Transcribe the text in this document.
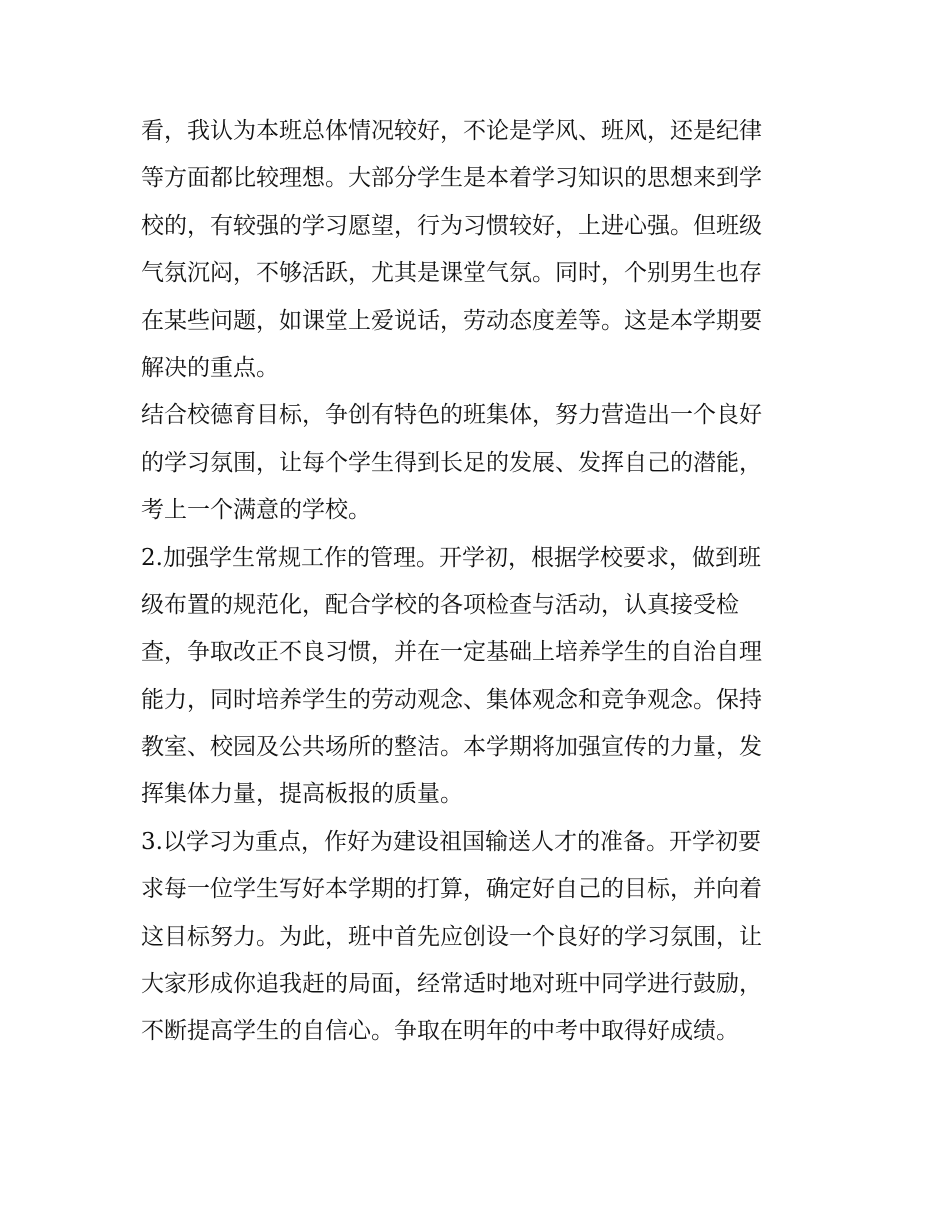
看，我认为本班总体情况较好，不论是学风、班风，还是纪律
等方面都比较理想。大部分学生是本着学习知识的思想来到学
校的，有较强的学习愿望，行为习惯较好，上进心强。但班级
气氛沉闷，不够活跃，尤其是课堂气氛。同时，个别男生也存
在某些问题，如课堂上爱说话，劳动态度差等。这是本学期要
解决的重点。
结合校德育目标，争创有特色的班集体，努力营造出一个良好
的学习氛围，让每个学生得到长足的发展、发挥自己的潜能，
考上一个满意的学校。
2.加强学生常规工作的管理。开学初，根据学校要求，做到班
级布置的规范化，配合学校的各项检查与活动，认真接受检
查，争取改正不良习惯，并在一定基础上培养学生的自治自理
能力，同时培养学生的劳动观念、集体观念和竞争观念。保持
教室、校园及公共场所的整洁。本学期将加强宣传的力量，发
挥集体力量，提高板报的质量。
3.以学习为重点，作好为建设祖国输送人才的准备。开学初要
求每一位学生写好本学期的打算，确定好自己的目标，并向着
这目标努力。为此，班中首先应创设一个良好的学习氛围，让
大家形成你追我赶的局面，经常适时地对班中同学进行鼓励，
不断提高学生的自信心。争取在明年的中考中取得好成绩。
